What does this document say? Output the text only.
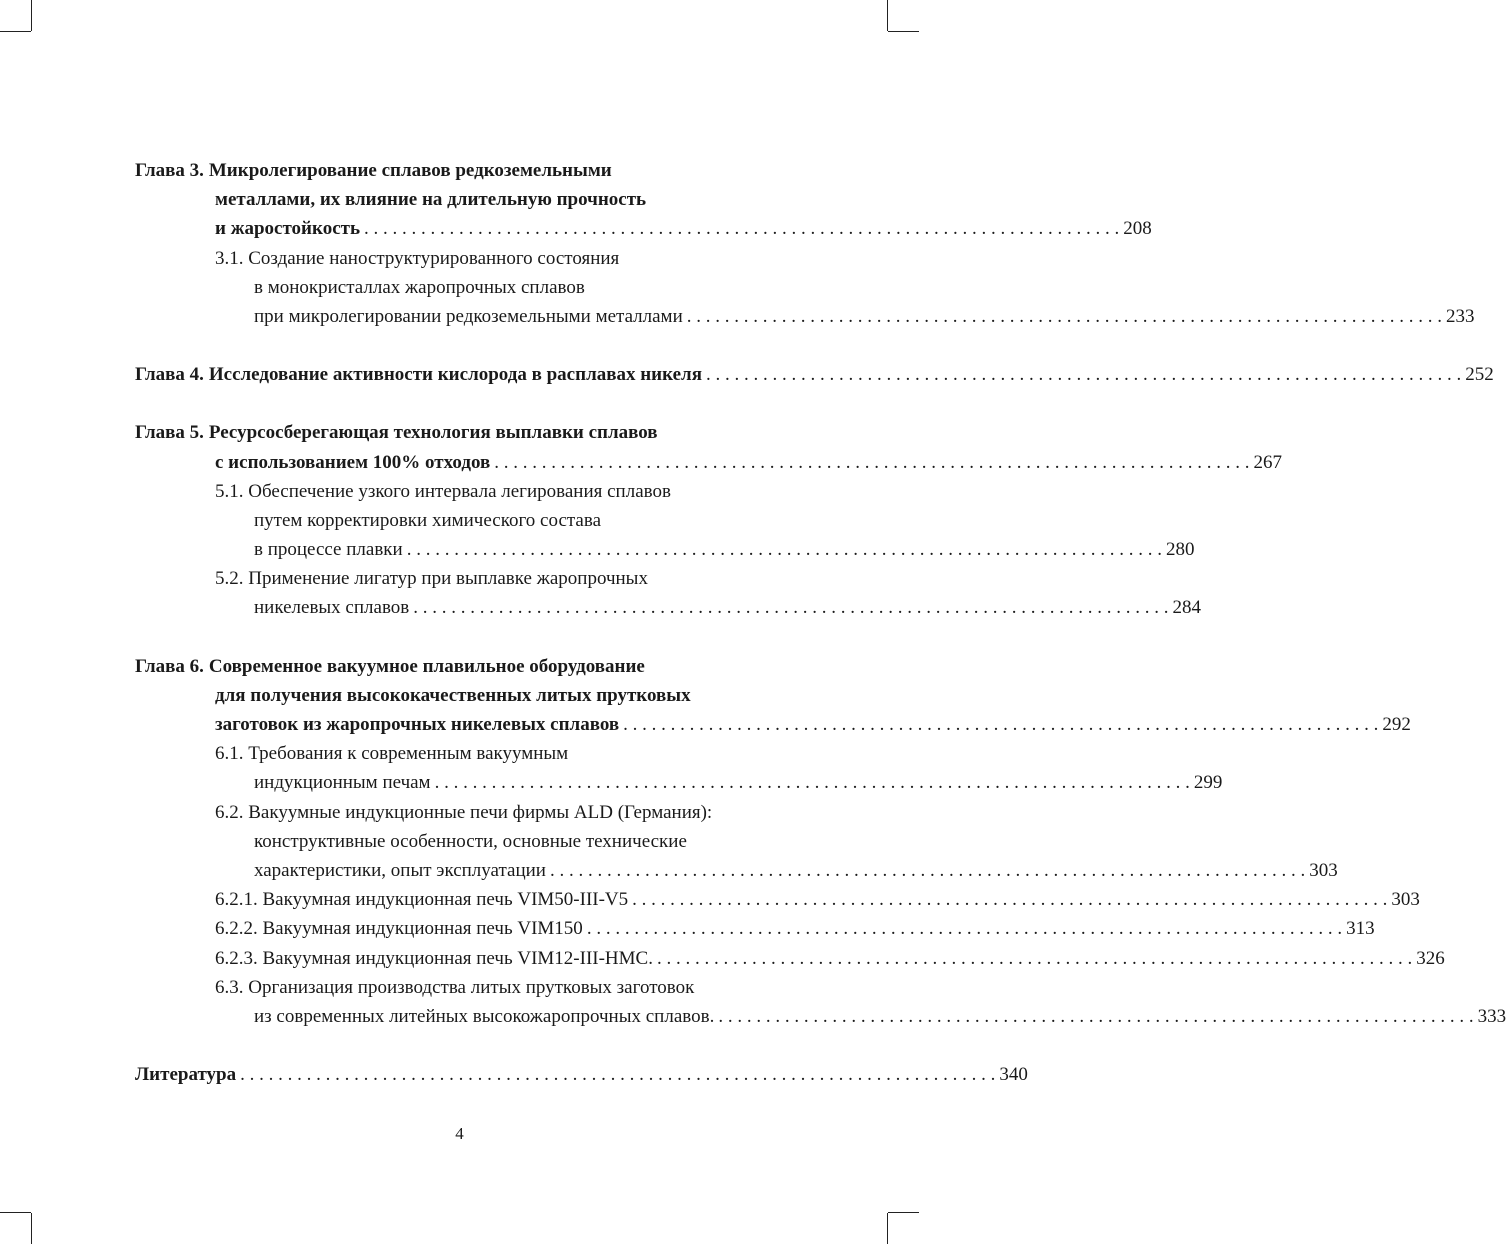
Глава 3. Микролегирование сплавов редкоземельными
металлами, их влияние на длительную прочность
и жаростойкость . . . . . . . . . . . . . . . . . . . . . . . . . . . . . . . . . . . . . . . . . . . . . . . . . . . . . . . . . . . . . . . . . . . . . . . . . . . . . . . . 208
3.1. Создание наноструктурированного состояния
в монокристаллах жаропрочных сплавов
при микролегировании редкоземельными металлами . . . . . . . . . . . . . . . . . . . . . . . . . . . . . . . . . . . . . . . . . . . . . . . . . . . . . . . . . . . . . . . . . . . . . . . . . . . . . . . . 233
Глава 4. Исследование активности кислорода в расплавах никеля . . . . . . . . . . . . . . . . . . . . . . . . . . . . . . . . . . . . . . . . . . . . . . . . . . . . . . . . . . . . . . . . . . . . . . . . . . . . . . . . 252
Глава 5. Ресурсосберегающая технология выплавки сплавов
с использованием 100% отходов . . . . . . . . . . . . . . . . . . . . . . . . . . . . . . . . . . . . . . . . . . . . . . . . . . . . . . . . . . . . . . . . . . . . . . . . . . . . . . . . 267
5.1. Обеспечение узкого интервала легирования сплавов
путем корректировки химического состава
в процессе плавки . . . . . . . . . . . . . . . . . . . . . . . . . . . . . . . . . . . . . . . . . . . . . . . . . . . . . . . . . . . . . . . . . . . . . . . . . . . . . . . . 280
5.2. Применение лигатур при выплавке жаропрочных
никелевых сплавов . . . . . . . . . . . . . . . . . . . . . . . . . . . . . . . . . . . . . . . . . . . . . . . . . . . . . . . . . . . . . . . . . . . . . . . . . . . . . . . . 284
Глава 6. Современное вакуумное плавильное оборудование
для получения высококачественных литых прутковых
заготовок из жаропрочных никелевых сплавов . . . . . . . . . . . . . . . . . . . . . . . . . . . . . . . . . . . . . . . . . . . . . . . . . . . . . . . . . . . . . . . . . . . . . . . . . . . . . . . . 292
6.1. Требования к современным вакуумным
индукционным печам . . . . . . . . . . . . . . . . . . . . . . . . . . . . . . . . . . . . . . . . . . . . . . . . . . . . . . . . . . . . . . . . . . . . . . . . . . . . . . . . 299
6.2. Вакуумные индукционные печи фирмы ALD (Германия):
конструктивные особенности, основные технические
характеристики, опыт эксплуатации . . . . . . . . . . . . . . . . . . . . . . . . . . . . . . . . . . . . . . . . . . . . . . . . . . . . . . . . . . . . . . . . . . . . . . . . . . . . . . . . 303
6.2.1. Вакуумная индукционная печь VIM50-III-V5 . . . . . . . . . . . . . . . . . . . . . . . . . . . . . . . . . . . . . . . . . . . . . . . . . . . . . . . . . . . . . . . . . . . . . . . . . . . . . . . . 303
6.2.2. Вакуумная индукционная печь VIM150 . . . . . . . . . . . . . . . . . . . . . . . . . . . . . . . . . . . . . . . . . . . . . . . . . . . . . . . . . . . . . . . . . . . . . . . . . . . . . . . . 313
6.2.3. Вакуумная индукционная печь VIM12-III-HMC. . . . . . . . . . . . . . . . . . . . . . . . . . . . . . . . . . . . . . . . . . . . . . . . . . . . . . . . . . . . . . . . . . . . . . . . . . . . . . . . . 326
6.3. Организация производства литых прутковых заготовок
из современных литейных высокожаропрочных сплавов. . . . . . . . . . . . . . . . . . . . . . . . . . . . . . . . . . . . . . . . . . . . . . . . . . . . . . . . . . . . . . . . . . . . . . . . . . . . . . . . . 333
Литература . . . . . . . . . . . . . . . . . . . . . . . . . . . . . . . . . . . . . . . . . . . . . . . . . . . . . . . . . . . . . . . . . . . . . . . . . . . . . . . . 340
4
